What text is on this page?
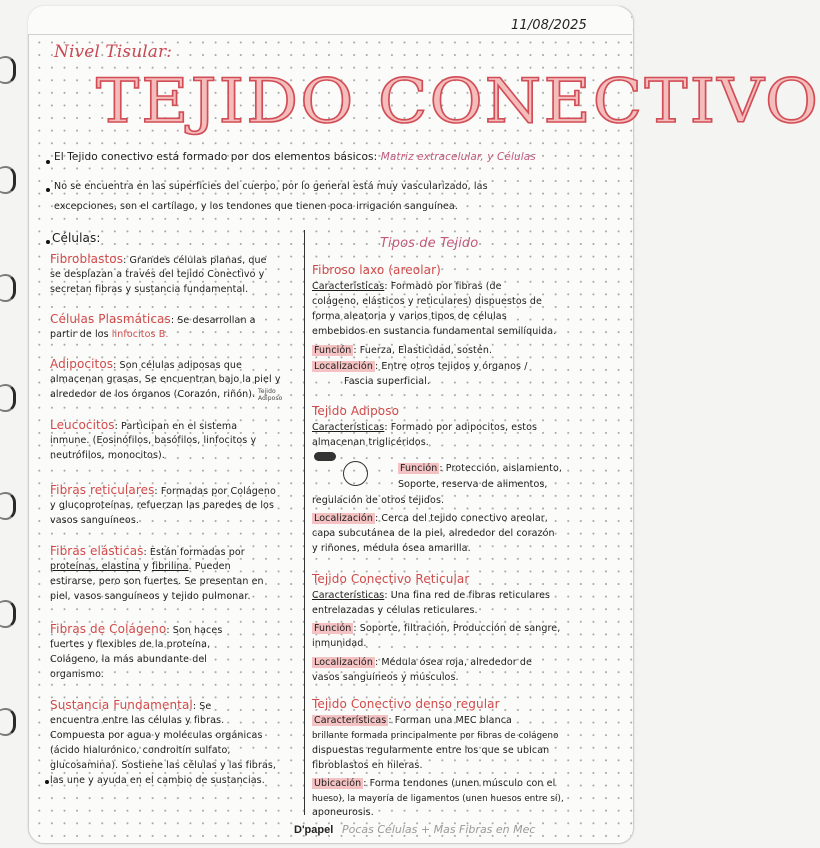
11/08/2025
Nivel Tisular:
TEJIDO CONECTIVO
El Tejido conectivo está formado por dos elementos básicos: Matriz extracelular, y Células
No se encuentra en las superficies del cuerpo, por lo general está muy vascularizado, las
excepciones, son el cartílago, y los tendones que tienen poca irrigación sanguínea.
Células:
Fibroblastos: Grandes células planas, que
se desplazan a través del tejido Conectivo y
secretan fibras y sustancia fundamental.
Células Plasmáticas: Se desarrollan a
partir de los linfocitos B.
Adipocitos: Son células adiposas que
almacenan grasas. Se encuentran bajo la piel y
alrededor de los órganos (Corazón, riñón). Tejido Adiposo
Leucocitos: Participan en el sistema
inmune. (Eosinófilos, basófilos, linfocitos y
neutrófilos, monocitos).
Fibras reticulares: Formadas por Colágeno
y glucoproteínas, refuerzan las paredes de los
vasos sanguíneos.
Fibras elásticas: Están formadas por
proteínas, elastina y fibrilina. Pueden
estirarse, pero son fuertes. Se presentan en
piel, vasos sanguíneos y tejido pulmonar.
Fibras de Colágeno: Son haces
fuertes y flexibles de la proteína,
Colágeno, la más abundante del
organismo.
Sustancia Fundamental: Se
encuentra entre las células y fibras.
Compuesta por agua y moléculas orgánicas
(ácido hialurónico, condroitín sulfato,
glucosamina). Sostiene las células y las fibras,
las une y ayuda en el cambio de sustancias.
Tipos de Tejido
Fibroso laxo (areolar)
Características: Formado por fibras (de
colágeno, elásticos y reticulares) dispuestos de
forma aleatoria y varios tipos de células
embebidos en sustancia fundamental semilíquida.
Función : Fuerza, Elasticidad, sostén.
Localización : Entre otros tejidos y órganos /
Fascia superficial.
Tejido Adiposo
Características: Formado por adipocitos, estos
almacenan triglicéridos.
Función : Protección, aislamiento,
Soporte, reserva de alimentos,
regulación de otros tejidos.
Localización : Cerca del tejido conectivo areolar,
capa subcutánea de la piel, alrededor del corazón
y riñones, médula ósea amarilla.
Tejido Conectivo Reticular
Características: Una fina red de fibras reticulares
entrelazadas y células reticulares.
Función : Soporte, filtración, Producción de sangre,
inmunidad.
Localización : Médula ósea roja, alrededor de
vasos sanguíneos y músculos.
Tejido Conectivo denso regular
Características : Forman una MEC blanca
brillante formada principalmente por fibras de colágeno
dispuestas regularmente entre los que se ubican
fibroblastos en hileras.
Ubicación : Forma tendones (unen músculo con el
hueso), la mayoría de ligamentos (unen huesos entre sí),
aponeurosis.
D'papel Pocas Células + Mas Fibras en Mec
